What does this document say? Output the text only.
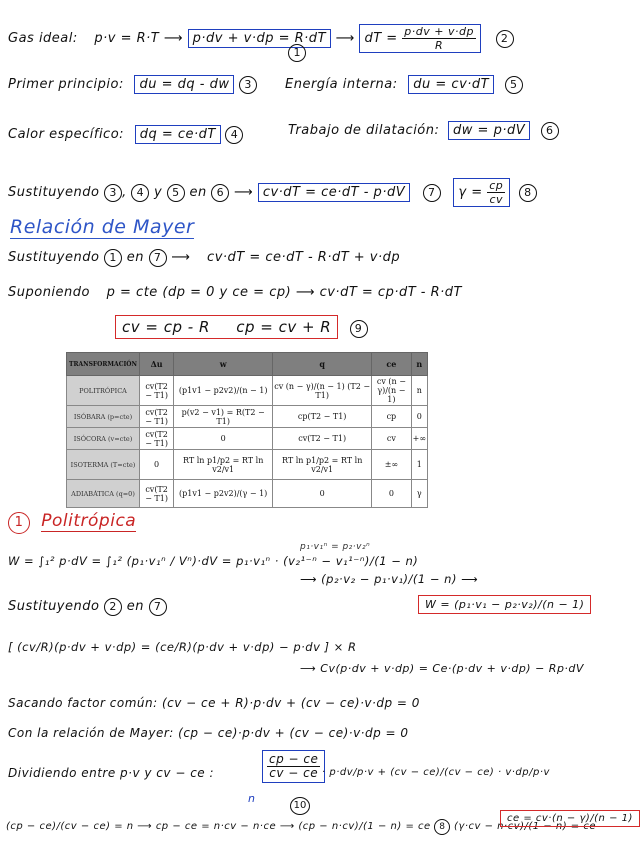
Gas ideal: p·v = R·T ⟶ p·dv + v·dp = R·dT ⟶ dT = $\frac{p\cdot dv + v\cdot dp}{R} 2$
1
Primer principio: du = dq - dw 3	Energía interna: du = cv·dT 5
Calor específico: dq = ce·dT 4	Trabajo de dilatación: dw = p·dV 6
Sustituyendo 3 , 4 y 5 en 6 ⟶ cv·dT = ce·dT - p·dV 7 $\gamma = \frac{cp}{cv} 8$
Relación de Mayer
Sustituyendo 1 en 7 ⟶ cv·dT = ce·dT - R·dT + v·dp
Suponiendo p = cte (dp = 0 y ce = cp) ⟶ cv·dT = cp·dT - R·dT
cv = cp - R     cp = cv + R 9
TRANSFORMACIÓN	Δu	w	q	ce	n
POLITRÓPICA	cv(T2 − T1)	(p1v1 − p2v2)/(n − 1)	cv (n − γ)/(n − 1) (T2 − T1)	cv (n − γ)/(n − 1)	n
ISÓBARA (p=cte)	cv(T2 − T1)	p(v2 − v1) = R(T2 − T1)	cp(T2 − T1)	cp	0
ISÓCORA (v=cte)	cv(T2 − T1)	0	cv(T2 − T1)	cv	+∞
ISOTERMA (T=cte)	0	RT ln p1/p2 = RT ln v2/v1	RT ln p1/p2 = RT ln v2/v1	±∞	1
ADIABÁTICA (q=0)	cv(T2 − T1)	(p1v1 − p2v2)/(γ − 1)	0	0	γ
1 Politrópica
W = ∫₁² p·dV = ∫₁² (p₁·v₁ⁿ / Vⁿ)·dV = p₁·v₁ⁿ · (v₂¹⁻ⁿ − v₁¹⁻ⁿ)/(1 − n)
p₁·v₁ⁿ = p₂·v₂ⁿ
⟶ (p₂·v₂ − p₁·v₁)/(1 − n) ⟶
W = (p₁·v₁ − p₂·v₂)/(n − 1)
Sustituyendo 2 en 7
[ (cv/R)(p·dv + v·dp) = (ce/R)(p·dv + v·dp) − p·dv ] × R
⟶ Cv(p·dv + v·dp) = Ce·(p·dv + v·dp) − Rp·dV
Sacando factor común: (cv − ce + R)·p·dv + (cv − ce)·v·dp = 0
Con la relación de Mayer: (cp − ce)·p·dv + (cv − ce)·v·dp = 0
Dividiendo entre p·v y cv − ce :	$\frac{cp - ce}{cv - ce} \cdot p\cdot dv/p\cdot v + (cv - ce)/(cv - ce) \cdot v\cdot dp/p\cdot v$
n
10
(cp − ce)/(cv − ce) = n ⟶ cp − ce = n·cv − n·ce ⟶ (cp − n·cv)/(1 − n) = ce 8 (γ·cv − n·cv)/(1 − n) = ce
ce = cv·(n − γ)/(n − 1)
